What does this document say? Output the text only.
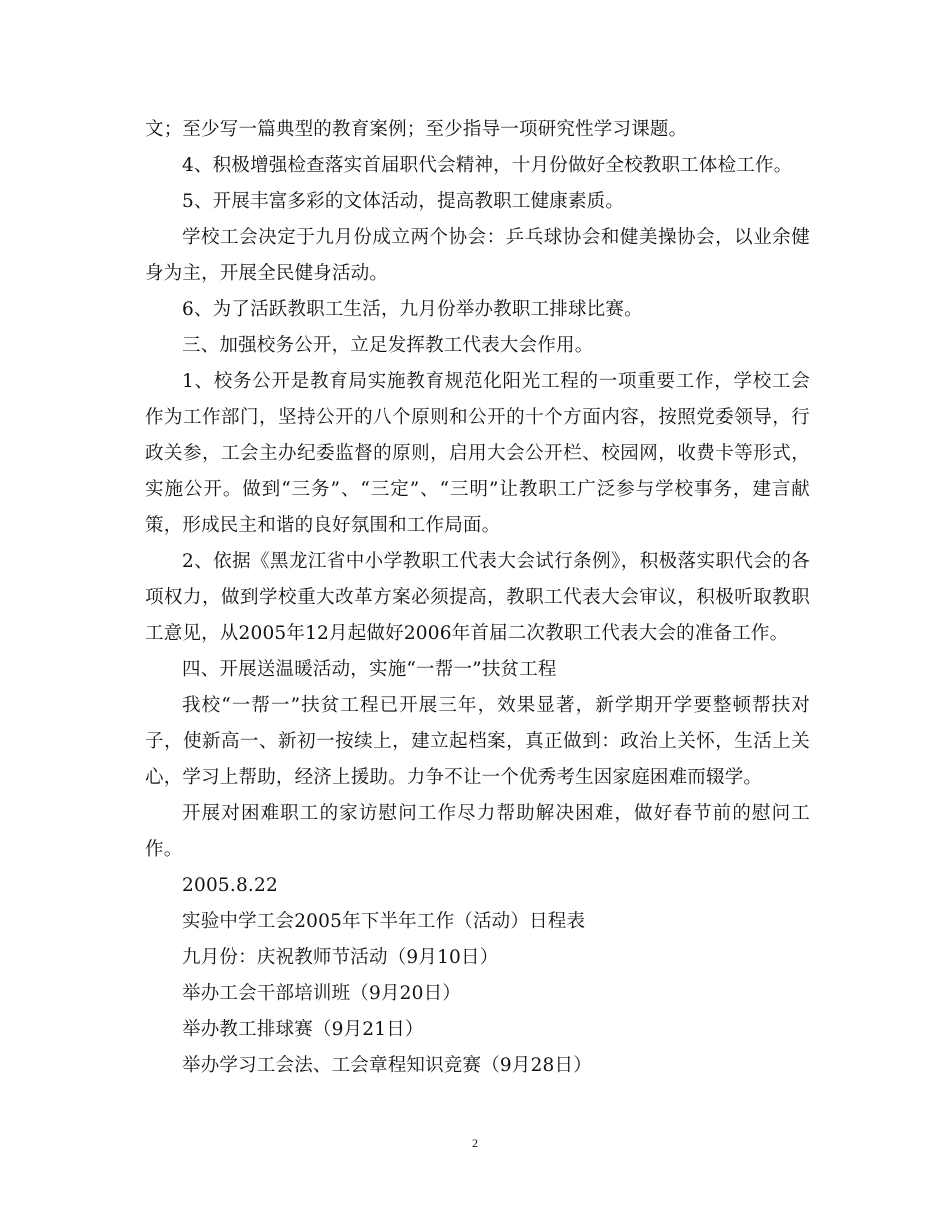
文；至少写一篇典型的教育案例；至少指导一项研究性学习课题。

4、积极增强检查落实首届职代会精神，十月份做好全校教职工体检工作。

5、开展丰富多彩的文体活动，提高教职工健康素质。

学校工会决定于九月份成立两个协会：乒乓球协会和健美操协会，以业余健身为主，开展全民健身活动。

6、为了活跃教职工生活，九月份举办教职工排球比赛。

三、加强校务公开，立足发挥教工代表大会作用。

1、校务公开是教育局实施教育规范化阳光工程的一项重要工作，学校工会作为工作部门，坚持公开的八个原则和公开的十个方面内容，按照党委领导，行政关参，工会主办纪委监督的原则，启用大会公开栏、校园网，收费卡等形式，实施公开。做到“三务”、“三定”、“三明”让教职工广泛参与学校事务，建言献策，形成民主和谐的良好氛围和工作局面。

2、依据《黑龙江省中小学教职工代表大会试行条例》，积极落实职代会的各项权力，做到学校重大改革方案必须提高，教职工代表大会审议，积极听取教职工意见，从2005年12月起做好2006年首届二次教职工代表大会的准备工作。

四、开展送温暖活动，实施“一帮一”扶贫工程

我校“一帮一”扶贫工程已开展三年，效果显著，新学期开学要整顿帮扶对子，使新高一、新初一按续上，建立起档案，真正做到：政治上关怀，生活上关心，学习上帮助，经济上援助。力争不让一个优秀考生因家庭困难而辍学。

开展对困难职工的家访慰问工作尽力帮助解决困难，做好春节前的慰问工作。

2005.8.22

实验中学工会2005年下半年工作（活动）日程表

九月份：庆祝教师节活动（9月10日）

举办工会干部培训班（9月20日）

举办教工排球赛（9月21日）

举办学习工会法、工会章程知识竞赛（9月28日）

2
